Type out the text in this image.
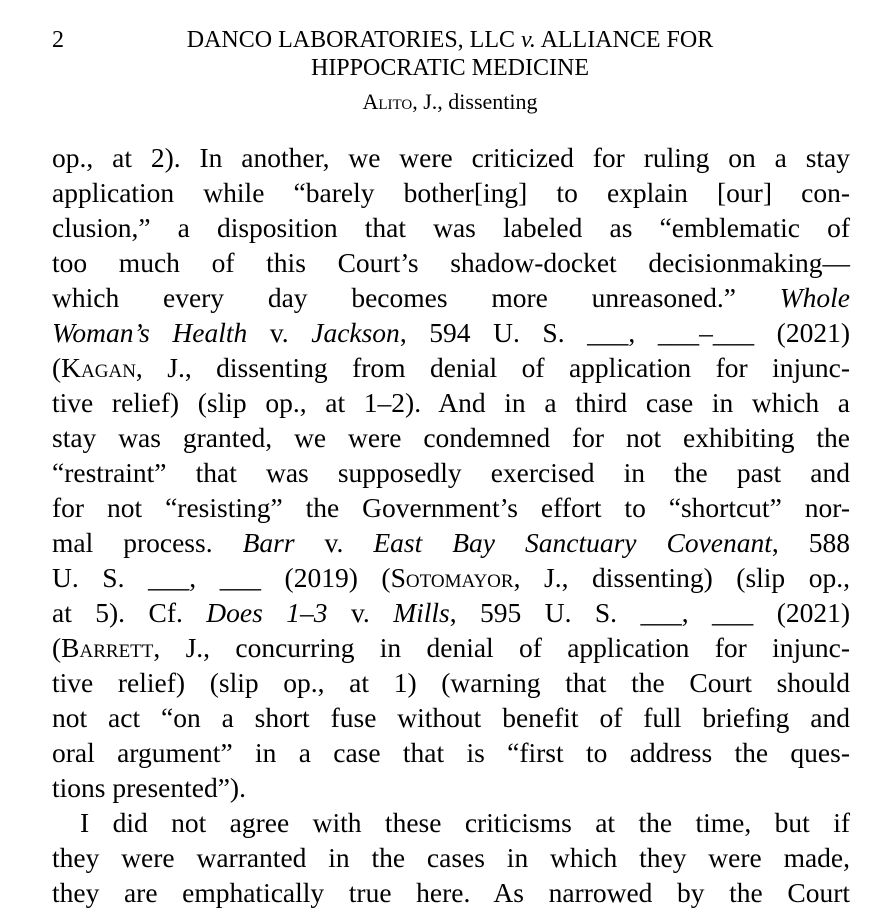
2	DANCO LABORATORIES, LLC v. ALLIANCE FOR
HIPPOCRATIC MEDICINE
Alito, J., dissenting
op., at 2). In another, we were criticized for ruling on a stay
application while “barely bother[ing] to explain [our] con-
clusion,” a disposition that was labeled as “emblematic of
too much of this Court’s shadow-docket decisionmaking—
which every day becomes more unreasoned.” Whole
Woman’s Health v. Jackson, 594 U. S. ___, ___–___ (2021)
(Kagan, J., dissenting from denial of application for injunc-
tive relief) (slip op., at 1–2). And in a third case in which a
stay was granted, we were condemned for not exhibiting the
“restraint” that was supposedly exercised in the past and
for not “resisting” the Government’s effort to “shortcut” nor-
mal process. Barr v. East Bay Sanctuary Covenant, 588
U. S. ___, ___ (2019) (Sotomayor, J., dissenting) (slip op.,
at 5). Cf. Does 1–3 v. Mills, 595 U. S. ___, ___ (2021)
(Barrett, J., concurring in denial of application for injunc-
tive relief) (slip op., at 1) (warning that the Court should
not act “on a short fuse without benefit of full briefing and
oral argument” in a case that is “first to address the ques-
tions presented”).
I did not agree with these criticisms at the time, but if
they were warranted in the cases in which they were made,
they are emphatically true here. As narrowed by the Court
